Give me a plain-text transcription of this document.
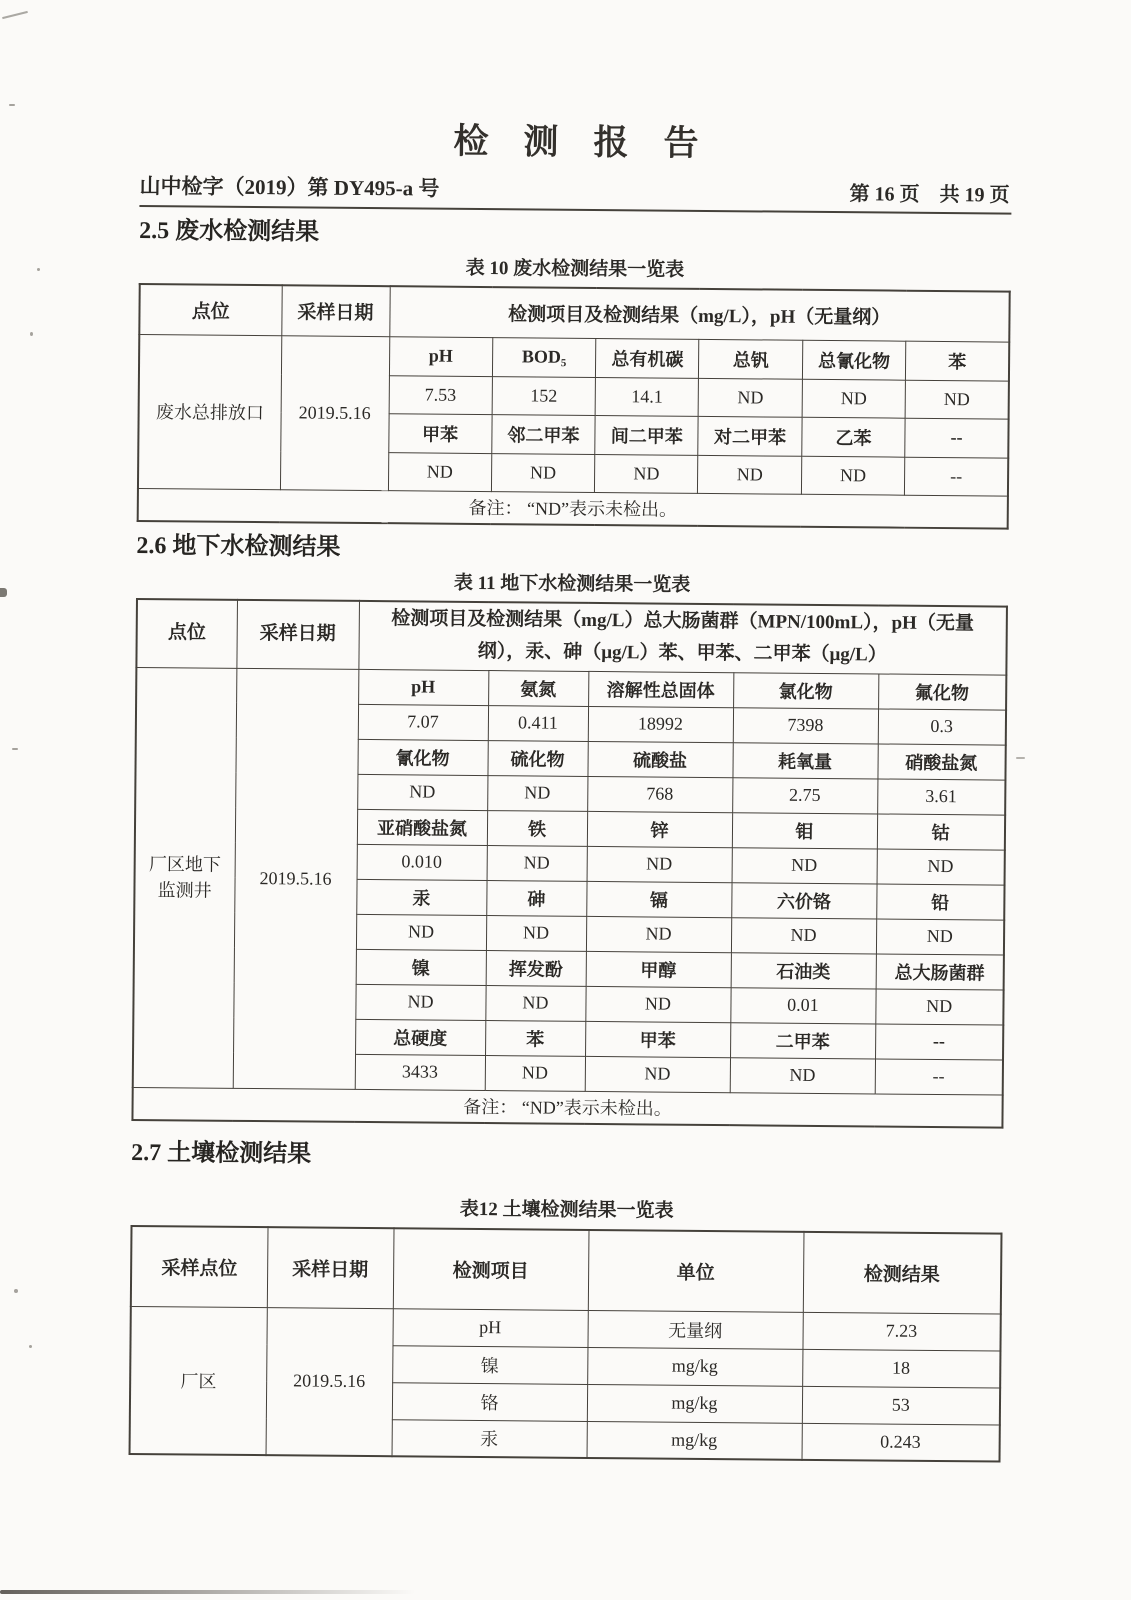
检　测　报　告
山中检字（2019）第 DY495-a 号	第 16 页　共 19 页
2.5 废水检测结果
表 10 废水检测结果一览表
点位	采样日期	检测项目及检测结果（mg/L），pH（无量纲）					
废水总排放口	2019.5.16	pH	BOD₅	总有机碳	总钒	总氰化物	苯
		7.53	152	14.1	ND	ND	ND
		甲苯	邻二甲苯	间二甲苯	对二甲苯	乙苯	--
		ND	ND	ND	ND	ND	--
备注： “ND”表示未检出。							
2.6 地下水检测结果
表 11 地下水检测结果一览表
点位	采样日期	检测项目及检测结果（mg/L）总大肠菌群（MPN/100mL），pH（无量纲），汞、砷（μg/L）苯、甲苯、二甲苯（μg/L）				
厂区地下监测井	2019.5.16	pH	氨氮	溶解性总固体	氯化物	氟化物
		7.07	0.411	18992	7398	0.3
		氰化物	硫化物	硫酸盐	耗氧量	硝酸盐氮
		ND	ND	768	2.75	3.61
		亚硝酸盐氮	铁	锌	钼	钴
		0.010	ND	ND	ND	ND
		汞	砷	镉	六价铬	铅
		ND	ND	ND	ND	ND
		镍	挥发酚	甲醇	石油类	总大肠菌群
		ND	ND	ND	0.01	ND
		总硬度	苯	甲苯	二甲苯	--
		3433	ND	ND	ND	--
备注： “ND”表示未检出。						
2.7 土壤检测结果
表12 土壤检测结果一览表
采样点位	采样日期	检测项目	单位	检测结果
厂区	2019.5.16	pH	无量纲	7.23
		镍	mg/kg	18
		铬	mg/kg	53
		汞	mg/kg	0.243
